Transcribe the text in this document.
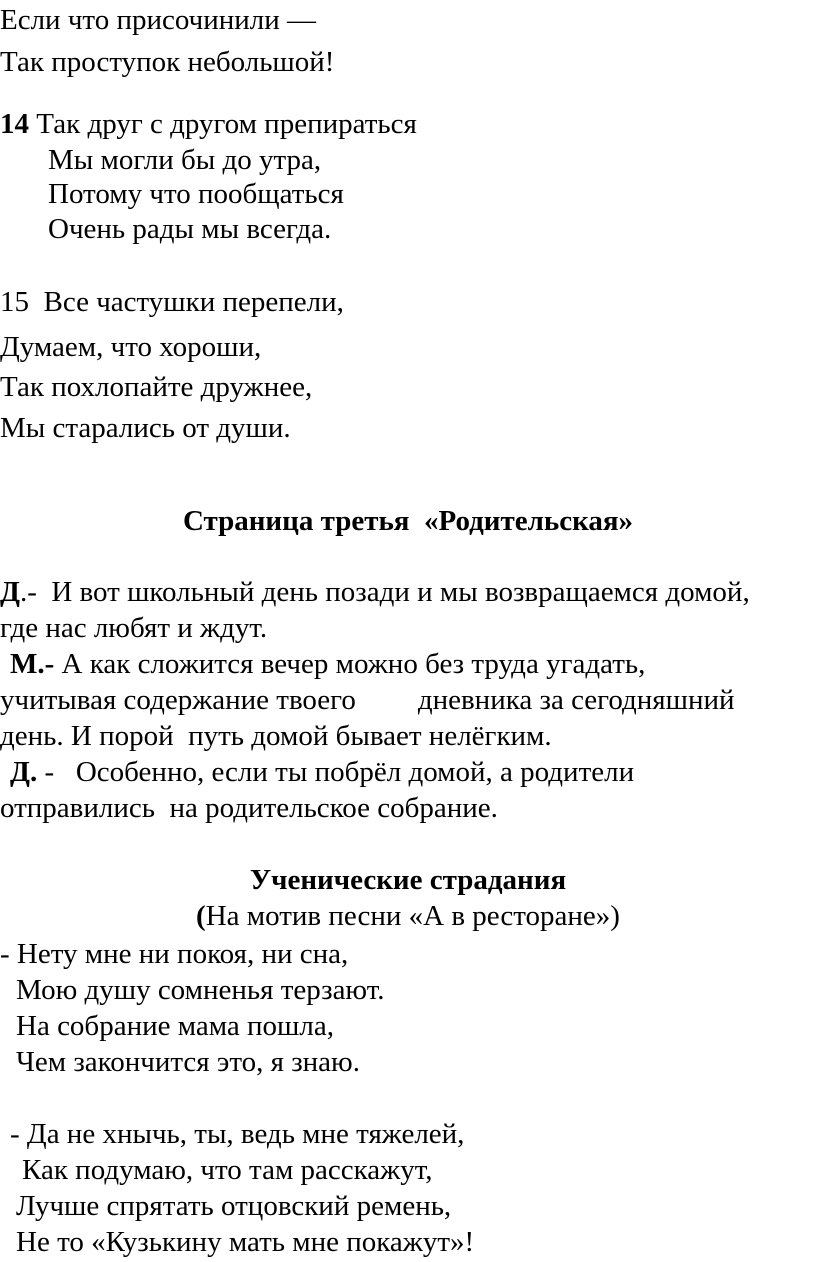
Если что присочинили —
Так проступок небольшой!
14 Так друг с другом препираться
Мы могли бы до утра,
Потому что пообщаться
Очень рады мы всегда.
15  Все частушки перепели,
Думаем, что хороши,
Так похлопайте дружнее,
Мы старались от души.
Страница третья  «Родительская»
Д.-  И вот школьный день позади и мы возвращаемся домой,
где нас любят и ждут.
М.- А как сложится вечер можно без труда угадать,
учитывая содержание твоего дневника за сегодняшний
день. И порой  путь домой бывает нелёгким.
Д. -   Особенно, если ты побрёл домой, а родители
отправились  на родительское собрание.
Ученические страдания
(На мотив песни «А в ресторане»)
- Нету мне ни покоя, ни сна,
Мою душу сомненья терзают.
На собрание мама пошла,
Чем закончится это, я знаю.
- Да не хнычь, ты, ведь мне тяжелей,
Как подумаю, что там расскажут,
Лучше спрятать отцовский ремень,
Не то «Кузькину мать мне покажут»!
